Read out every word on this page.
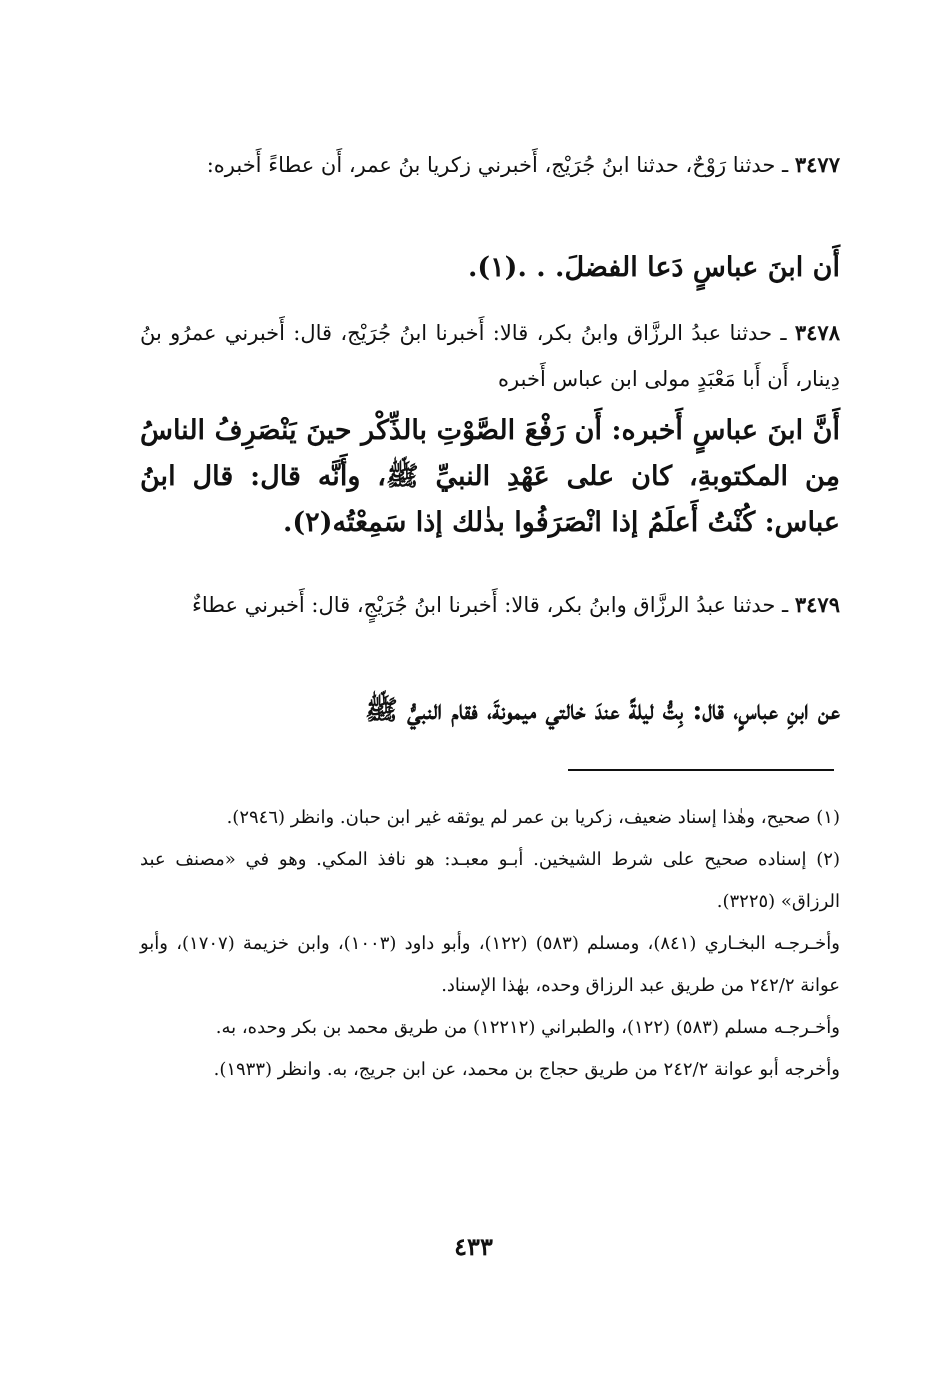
٣٤٧٧ ـ حدثنا رَوْحٌ، حدثنا ابنُ جُرَيْج، أَخبرني زكريا بنُ عمر، أَن عطاءً أَخبره:
أَن ابنَ عباسٍ دَعا الفضلَ. . .(١).
٣٤٧٨ ـ حدثنا عبدُ الرزَّاق وابنُ بكر، قالا: أَخبرنا ابنُ جُرَيْج، قال: أَخبرني عمرُو بنُ دِينار، أَن أَبا مَعْبَدٍ مولى ابن عباس أَخبره
أَنَّ ابنَ عباسٍ أَخبره: أَن رَفْعَ الصَّوْتِ بالذِّكْر حينَ يَنْصَرِفُ الناسُ مِن المكتوبةِ، كان على عَهْدِ النبيِّ ﷺ، وأَنَّه قال: قال ابنُ عباس: كُنْتُ أَعلَمُ إذا انْصَرَفُوا بذٰلك إذا سَمِعْتُه(٢).
٣٤٧٩ ـ حدثنا عبدُ الرزَّاق وابنُ بكر، قالا: أَخبرنا ابنُ جُرَيْجٍ، قال: أَخبرني عطاءٌ
عن ابنِ عباسٍ، قال: بِتُّ ليلةً عندَ خالتي ميمونةَ، فقام النبيُّ ﷺ

(١) صحيح، وهٰذا إسناد ضعيف، زكريا بن عمر لم يوثقه غير ابن حبان. وانظر (٢٩٤٦).

(٢) إسناده صحيح على شرط الشيخين. أبـو معبـد: هو نافذ المكي. وهو في «مصنف عبد الرزاق» (٣٢٢٥).

وأخـرجـه البخـاري (٨٤١)، ومسلم (٥٨٣) (١٢٢)، وأبو داود (١٠٠٣)، وابن خزيمة (١٧٠٧)، وأبو عوانة ٢٤٢/٢ من طريق عبد الرزاق وحده، بهٰذا الإسناد.

وأخـرجـه مسلم (٥٨٣) (١٢٢)، والطبراني (١٢٢١٢) من طريق محمد بن بكر وحده، به.

وأخرجه أبو عوانة ٢٤٢/٢ من طريق حجاج بن محمد، عن ابن جريج، به. وانظر (١٩٣٣).

٤٣٣
